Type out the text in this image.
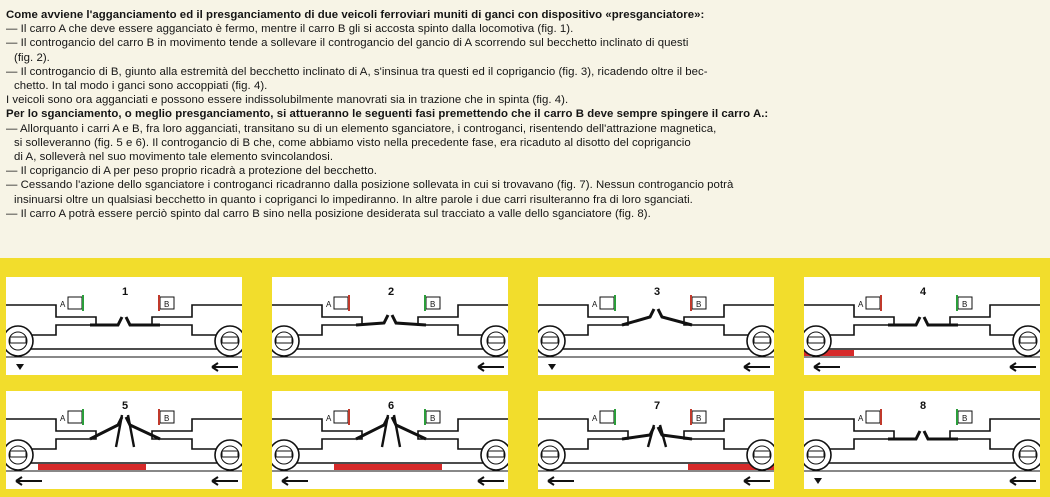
Come avviene l'agganciamento ed il presganciamento di due veicoli ferroviari muniti di ganci con dispositivo «presganciatore»:
— Il carro A che deve essere agganciato è fermo, mentre il carro B gli si accosta spinto dalla locomotiva (fig. 1).
— Il controgancio del carro B in movimento tende a sollevare il controgancio del gancio di A scorrendo sul becchetto inclinato di questi
(fig. 2).
— Il controgancio di B, giunto alla estremità del becchetto inclinato di A, s'insinua tra questi ed il coprigancio (fig. 3), ricadendo oltre il bec-
chetto. In tal modo i ganci sono accoppiati (fig. 4).
I veicoli sono ora agganciati e possono essere indissolubilmente manovrati sia in trazione che in spinta (fig. 4).
Per lo sganciamento, o meglio presganciamento, si attueranno le seguenti fasi premettendo che il carro B deve sempre spingere il carro A.:
— Allorquanto i carri A e B, fra loro agganciati, transitano su di un elemento sganciatore, i controganci, risentendo dell'attrazione magnetica,
si solleveranno (fig. 5 e 6). Il controgancio di B che, come abbiamo visto nella precedente fase, era ricaduto al disotto del coprigancio
di A, solleverà nel suo movimento tale elemento svincolandosi.
— Il coprigancio di A per peso proprio ricadrà a protezione del becchetto.
— Cessando l'azione dello sganciatore i controganci ricadranno dalla posizione sollevata in cui si trovavano (fig. 7). Nessun controgancio potrà
insinuarsi oltre un qualsiasi becchetto in quanto i copriganci lo impediranno. In altre parole i due carri risulteranno fra di loro sganciati.
— Il carro A potrà essere perciò spinto dal carro B sino nella posizione desiderata sul tracciato a valle dello sganciatore (fig. 8).
1
A	B
2
A	B
3
A	B
4
A	B
5
A	B
6
A	B
7
A	B
8
A	B
